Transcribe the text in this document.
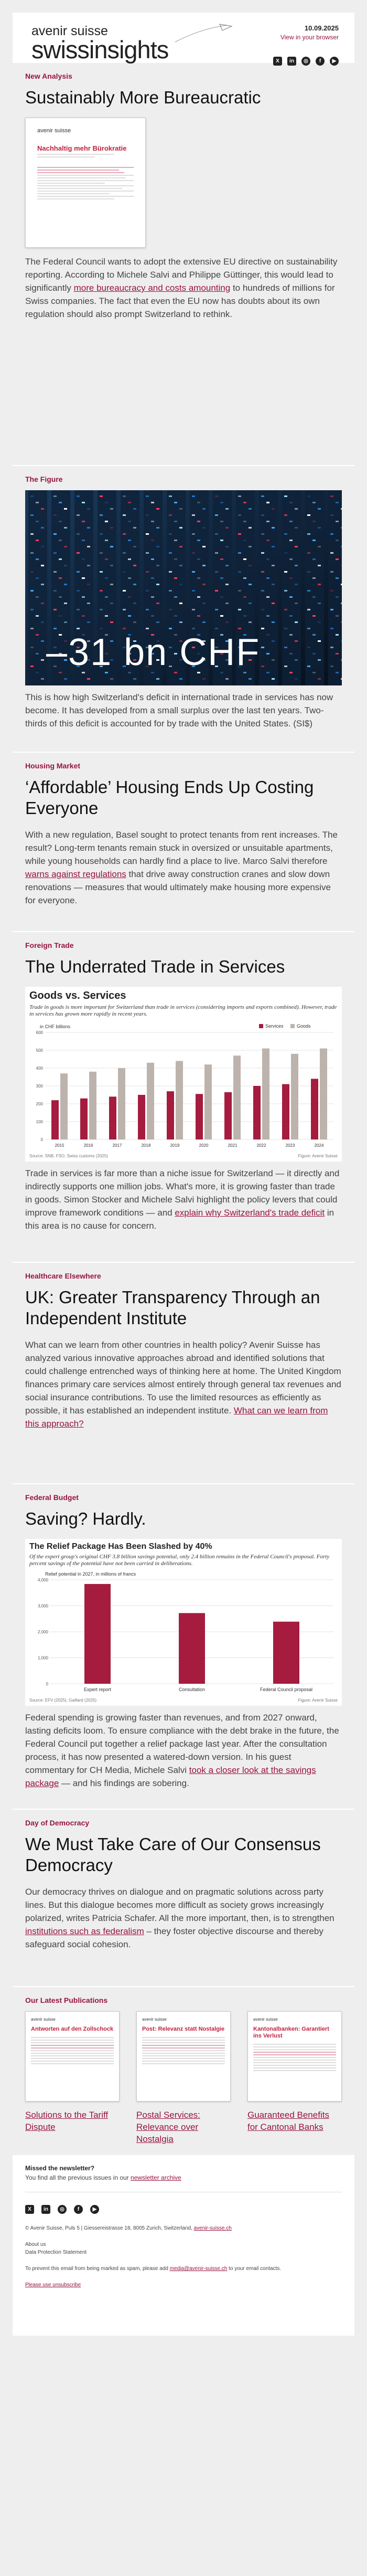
avenir suisse
swissinsights
10.09.2025
View in your browser
X	in	◎	f	▶
New Analysis
Sustainably More Bureaucratic
avenir suisse
Nachhaltig mehr Bürokratie

The Federal Council wants to adopt the extensive EU directive on sustainability reporting. According to Michele Salvi and Philippe Güttinger, this would lead to significantly more bureaucracy and costs amounting to hundreds of millions for Swiss companies. The fact that even the EU now has doubts about its own regulation should also prompt Switzerland to rethink.

The Figure
–31 bn CHF

This is how high Switzerland's deficit in international trade in services has now become. It has developed from a small surplus over the last ten years. Two-thirds of this deficit is accounted for by trade with the United States. (SI$)

Housing Market
‘Affordable’ Housing Ends Up Costing Everyone

With a new regulation, Basel sought to protect tenants from rent increases. The result? Long-term tenants remain stuck in oversized or unsuitable apartments, while young households can hardly find a place to live. Marco Salvi therefore warns against regulations that drive away construction cranes and slow down renovations — measures that would ultimately make housing more expensive for everyone.

Foreign Trade
The Underrated Trade in Services
Goods vs. Services
Trade in goods is more important for Switzerland than trade in services (considering imports and exports combined). However, trade in services has grown more rapidly in recent years.
in CHF billions
0
100
200
300
400
500
600
2015	2016	2017	2018	2019	2020	2021	2022	2023	2024
Services	Goods
Source: SNB, FSO, Swiss customs (2025)	Figure: Avenir Suisse

Trade in services is far more than a niche issue for Switzerland — it directly and indirectly supports one million jobs. What's more, it is growing faster than trade in goods. Simon Stocker and Michele Salvi highlight the policy levers that could improve framework conditions — and explain why Switzerland's trade deficit in this area is no cause for concern.

Healthcare Elsewhere
UK: Greater Transparency Through an Independent Institute

What can we learn from other countries in health policy? Avenir Suisse has analyzed various innovative approaches abroad and identified solutions that could challenge entrenched ways of thinking here at home. The United Kingdom finances primary care services almost entirely through general tax revenues and social insurance contributions. To use the limited resources as efficiently as possible, it has established an independent institute. What can we learn from this approach?

Federal Budget
Saving? Hardly.
The Relief Package Has Been Slashed by 40%
Of the expert group's original CHF 3.8 billion savings potential, only 2.4 billion remains in the Federal Council's proposal. Forty percent savings of the potential have not been carried in deliberations.
Relief potential in 2027, in millions of francs
0
1,000
2,000
3,000
4,000
Expert report	Consultation	Federal Council proposal
Source: EFV (2025), Gaillard (2025)	Figure: Avenir Suisse

Federal spending is growing faster than revenues, and from 2027 onward, lasting deficits loom. To ensure compliance with the debt brake in the future, the Federal Council put together a relief package last year. After the consultation process, it has now presented a watered-down version. In his guest commentary for CH Media, Michele Salvi took a closer look at the savings package — and his findings are sobering.

Day of Democracy
We Must Take Care of Our Consensus Democracy

Our democracy thrives on dialogue and on pragmatic solutions across party lines. But this dialogue becomes more difficult as society grows increasingly polarized, writes Patricia Schafer. All the more important, then, is to strengthen institutions such as federalism – they foster objective discourse and thereby safeguard social cohesion.

Our Latest Publications
avenir suisse
Antworten auf den Zollschock
Solutions to the Tariff Dispute
avenir suisse
Post: Relevanz statt Nostalgie
Postal Services: Relevance over Nostalgia
avenir suisse
Kantonalbanken: Garantiert ins Verlust
Guaranteed Benefits for Cantonal Banks
Missed the newsletter?
You find all the previous issues in our newsletter archive
X	in	◎	f	▶
© Avenir Suisse, Puls 5 | Giessereistrasse 18, 8005 Zurich, Switzerland, avenir-suisse.ch
About us
Data Protection Statement
To prevent this email from being marked as spam, please add media@avenir-suisse.ch to your email contacts.
Please use unsubscribe
